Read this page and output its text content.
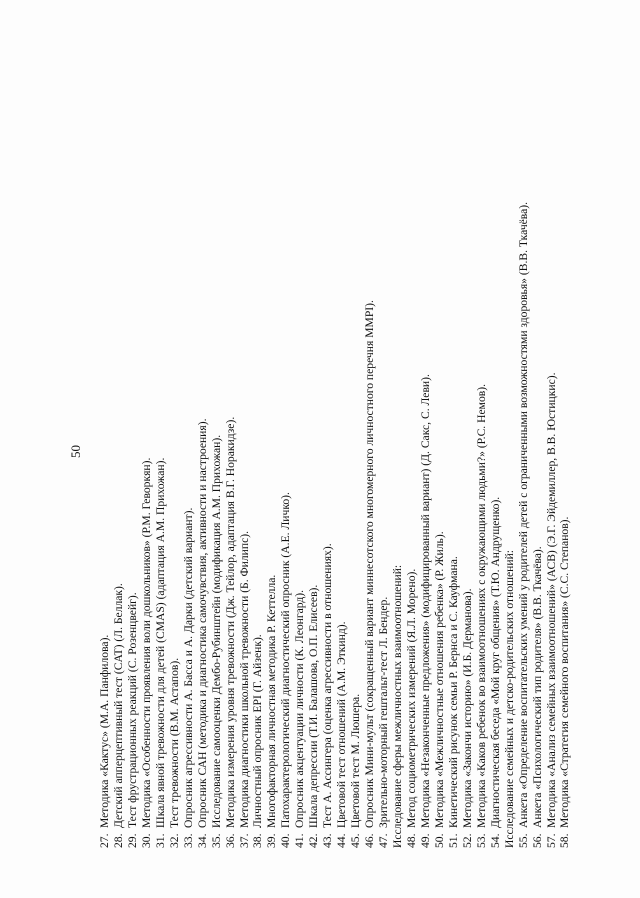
50
27.
Методика «Кактус» (М.А. Панфилова).
28.
Детский апперцептивный тест (CAT) (Л. Беллак).
29.
Тест фрустрационных реакций (С. Розенцвейг).
30.
Методика «Особенности проявления воли дошкольников» (Р.М. Геворкян).
31.
Шкала явной тревожности для детей (CMAS) (адаптация А.М. Прихожан).
32.
Тест тревожности (В.М. Астапов).
33.
Опросник агрессивности А. Басса и А. Дарки (детский вариант).
34.
Опросник САН (методика и диагностика самочувствия, активности и настроения).
35.
Исследование самооценки Дембо-Рубинштейн (модификация А.М. Прихожан).
36.
Методика измерения уровня тревожности (Дж. Тейлор, адаптация В.Г. Норакидзе).
37.
Методика диагностики школьной тревожности (Б. Филипс).
38.
Личностный опросник EPI (Г. Айзенк).
39.
Многофакторная личностная методика Р. Кеттелла.
40.
Патохарактерологический диагностический опросник (А.Е. Личко).
41.
Опросник акцентуации личности (К. Леонгард).
42.
Шкала депрессии (Т.И. Балашова, О.П. Елисеев).
43.
Тест А. Ассингера (оценка агрессивности в отношениях).
44.
Цветовой тест отношений (А.М. Эткинд).
45.
Цветовой тест М. Люшера.
46.
Опросник Мини-мульт (сокращенный вариант миннесотского многомерного личностного перечня MMPI).
47.
Зрительно-моторный гештальт-тест Л. Бендер. Исследование сферы межличностных взаимоотношений: 48.
Метод социометрических измерений (Я.Л. Морено).
49.
Методика «Незаконченные предложения» (модифицированный вариант) (Д. Сакс, С. Леви).
50.
Методика «Межличностные отношения ребенка» (Р. Жиль).
51.
Кинетический рисунок семьи Р. Бернса и С. Кауфмана.
52.
Методика «Закончи историю» (И.Б. Дерманова).
53.
Методика «Каков ребенок во взаимоотношениях с окружающими людьми?» (Р.С. Немов).
54.
Диагностическая беседа «Мой круг общения» (Т.Ю. Андрущенко). Исследование семейных и детско-родительских отношений: 55.
Анкета «Определение воспитательских умений у родителей детей с ограниченными возможностями здоровья» (В.В. Ткачёва).
56.
Анкета «Психологический тип родителя» (В.В. Ткачёва).
57.
Методика «Анализ семейных взаимоотношений» (АСВ) (Э.Г. Эйдемиллер, В.В. Юстицкис).
58.
Методика «Стратегия семейного воспитания» (С.С. Степанов).
